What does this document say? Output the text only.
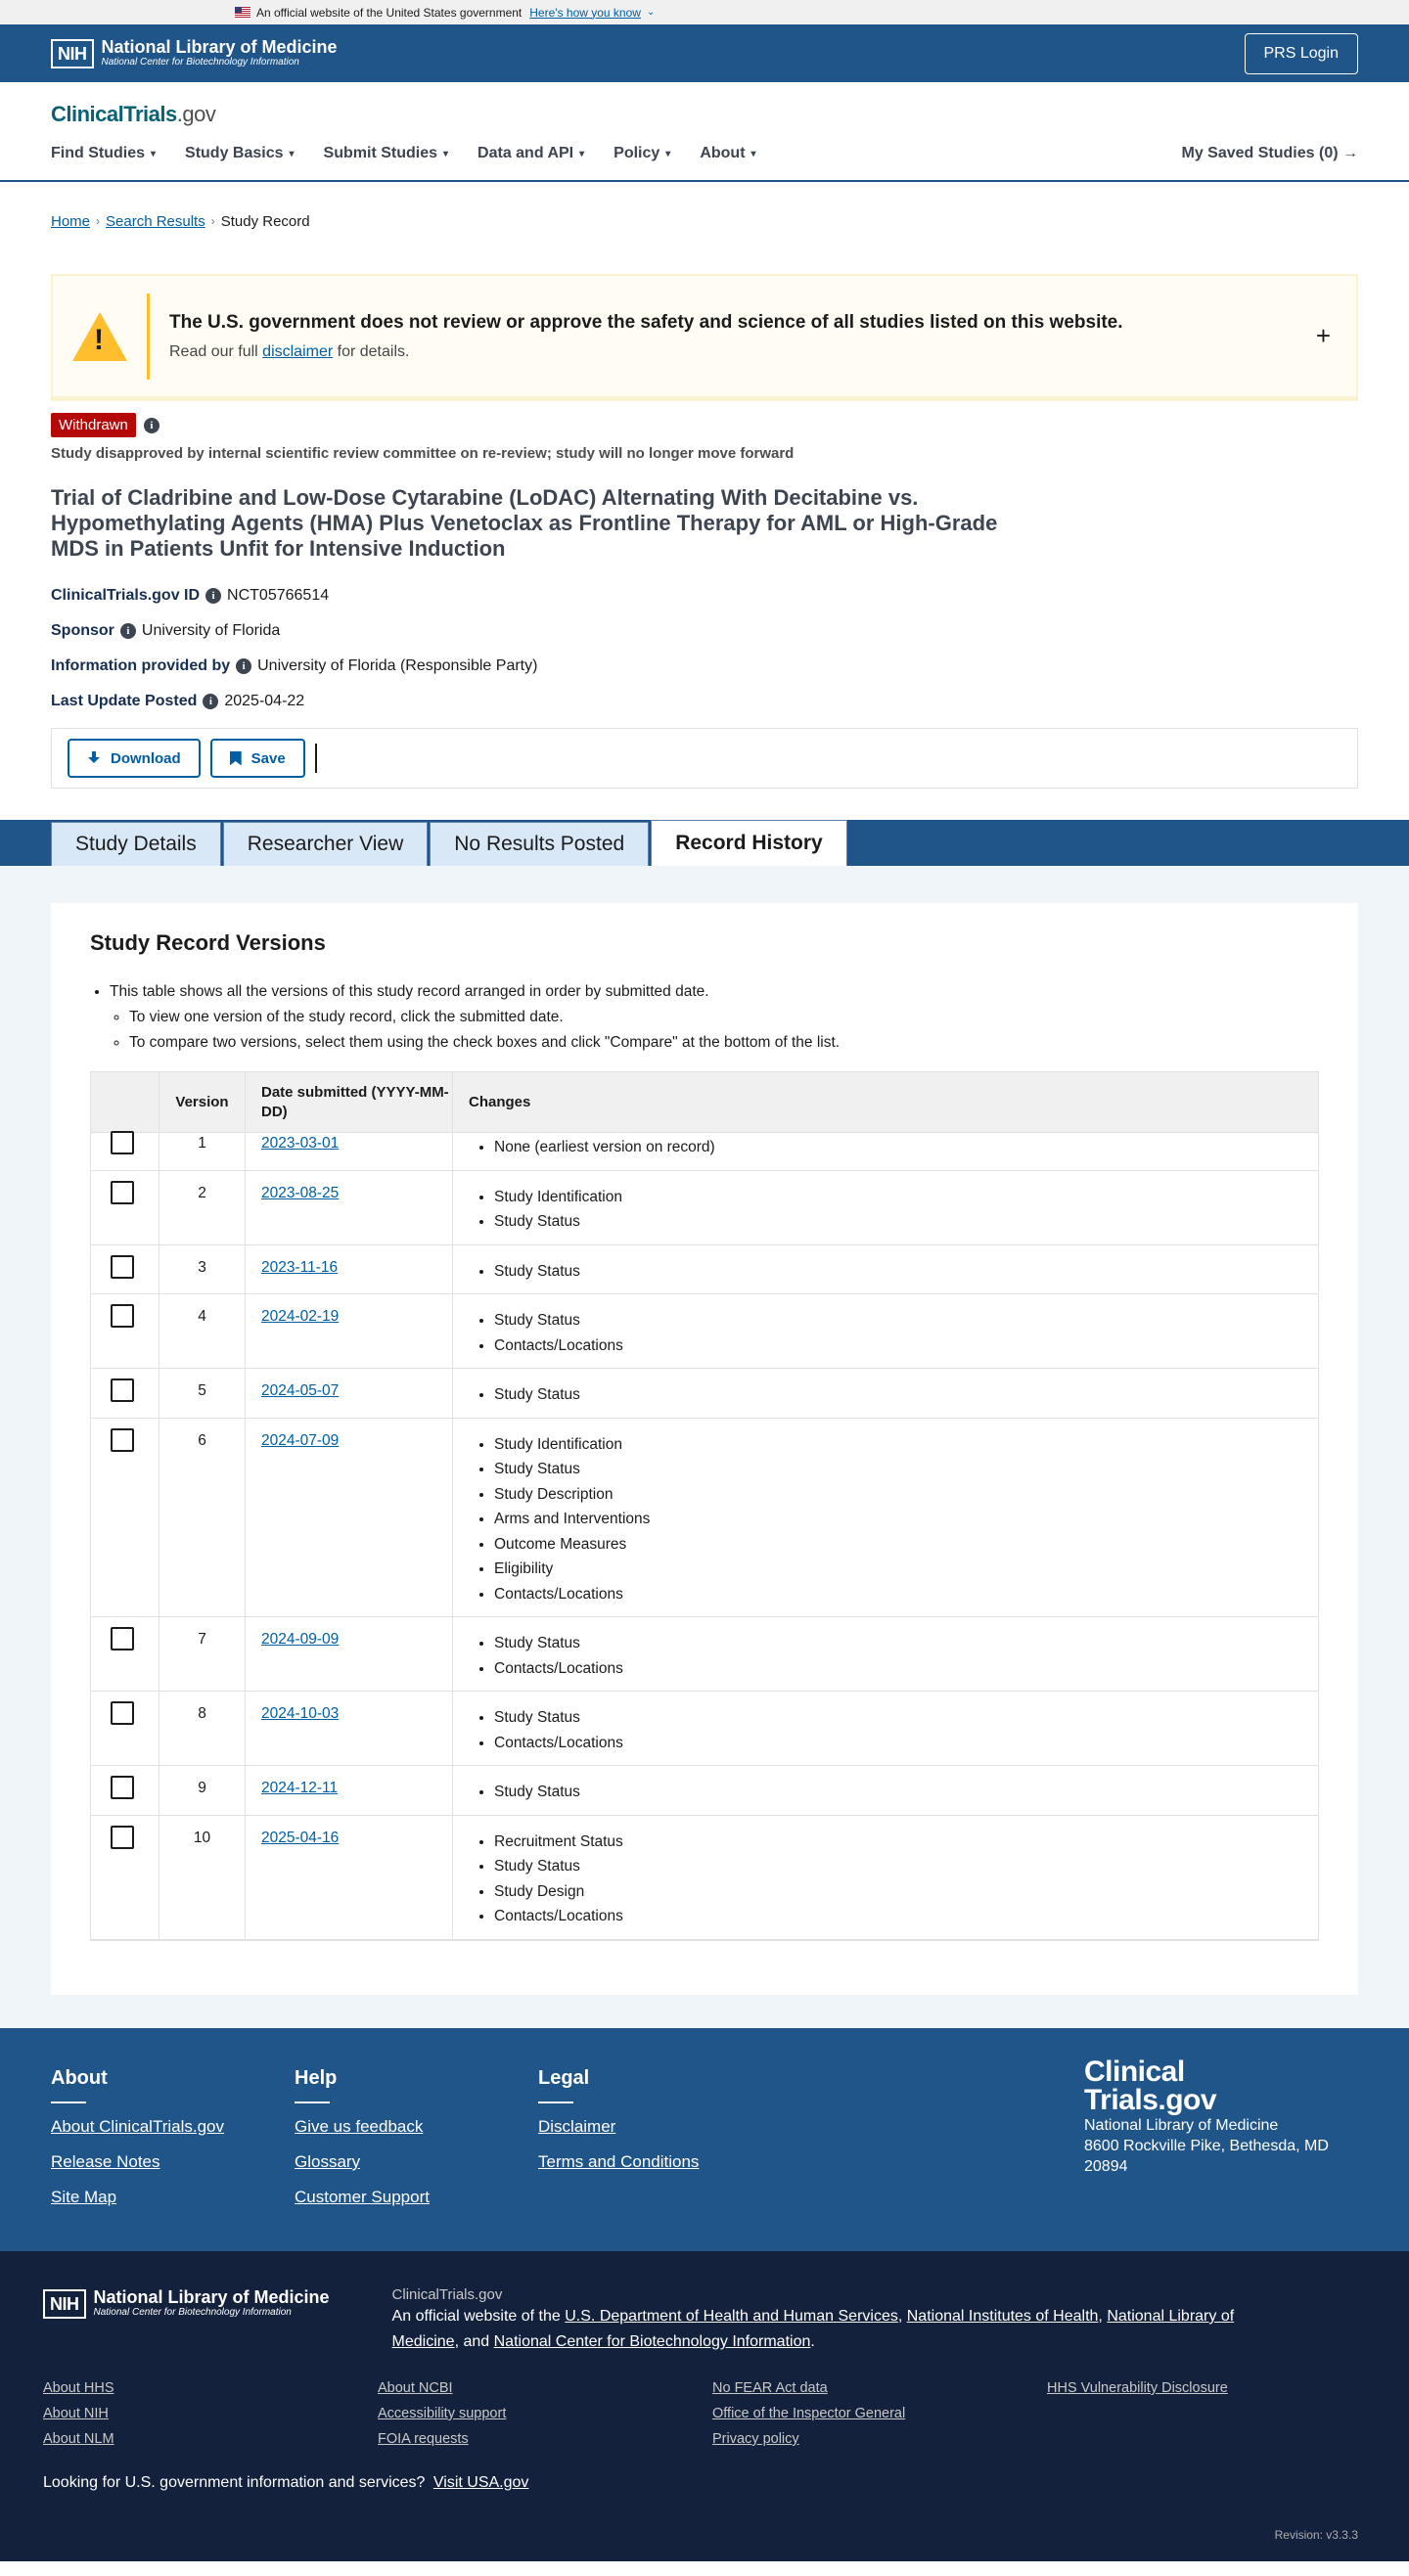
An official website of the United States government Here's how you know ⌄
NIH National Library of Medicine
National Center for Biotechnology Information
PRS Login
ClinicalTrials.gov
Find Studies ▾ Study Basics ▾ Submit Studies ▾ Data and API ▾ Policy ▾ About ▾	My Saved Studies (0) →
Home › Search Results › Study Record
!
The U.S. government does not review or approve the safety and science of all studies listed on this website.
Read our full disclaimer for details.
+
Withdrawn	i
Study disapproved by internal scientific review committee on re-review; study will no longer move forward
Trial of Cladribine and Low-Dose Cytarabine (LoDAC) Alternating With Decitabine vs. Hypomethylating Agents (HMA) Plus Venetoclax as Frontline Therapy for AML or High-Grade MDS in Patients Unfit for Intensive Induction
ClinicalTrials.gov ID	i NCT05766514
Sponsor	i University of Florida
Information provided by	i University of Florida (Responsible Party)
Last Update Posted	i 2025-04-22
Download	Save
Study Details	Researcher View	No Results Posted	Record History
Study Record Versions
• This table shows all the versions of this study record arranged in order by submitted date.
◦ To view one version of the study record, click the submitted date.
◦ To compare two versions, select them using the check boxes and click "Compare" at the bottom of the list.
Version
Date submitted (YYYY-MM-DD)
Changes
1	2023-03-01	• None (earliest version on record)
2	2023-08-25	• Study Identification
• Study Status
3	2023-11-16	• Study Status
4	2024-02-19	• Study Status
• Contacts/Locations
5	2024-05-07	• Study Status
6	2024-07-09	• Study Identification
• Study Status
• Study Description
• Arms and Interventions
• Outcome Measures
• Eligibility
• Contacts/Locations
7	2024-09-09	• Study Status
• Contacts/Locations
8	2024-10-03	• Study Status
• Contacts/Locations
9	2024-12-11	• Study Status
10	2025-04-16	• Recruitment Status
• Study Status
• Study Design
• Contacts/Locations
About
About ClinicalTrials.gov
Release Notes
Site Map
Help
Give us feedback
Glossary
Customer Support
Legal
Disclaimer
Terms and Conditions
Clinical
Trials.gov
National Library of Medicine
8600 Rockville Pike, Bethesda, MD
20894
NIH National Library of Medicine
National Center for Biotechnology Information
ClinicalTrials.gov
An official website of the U.S. Department of Health and Human Services, National Institutes of Health, National Library of Medicine, and National Center for Biotechnology Information.
About HHS	About NCBI	No FEAR Act data	HHS Vulnerability Disclosure
About NIH	Accessibility support	Office of the Inspector General
About NLM	FOIA requests	Privacy policy
Looking for U.S. government information and services? Visit USA.gov
Revision: v3.3.3
